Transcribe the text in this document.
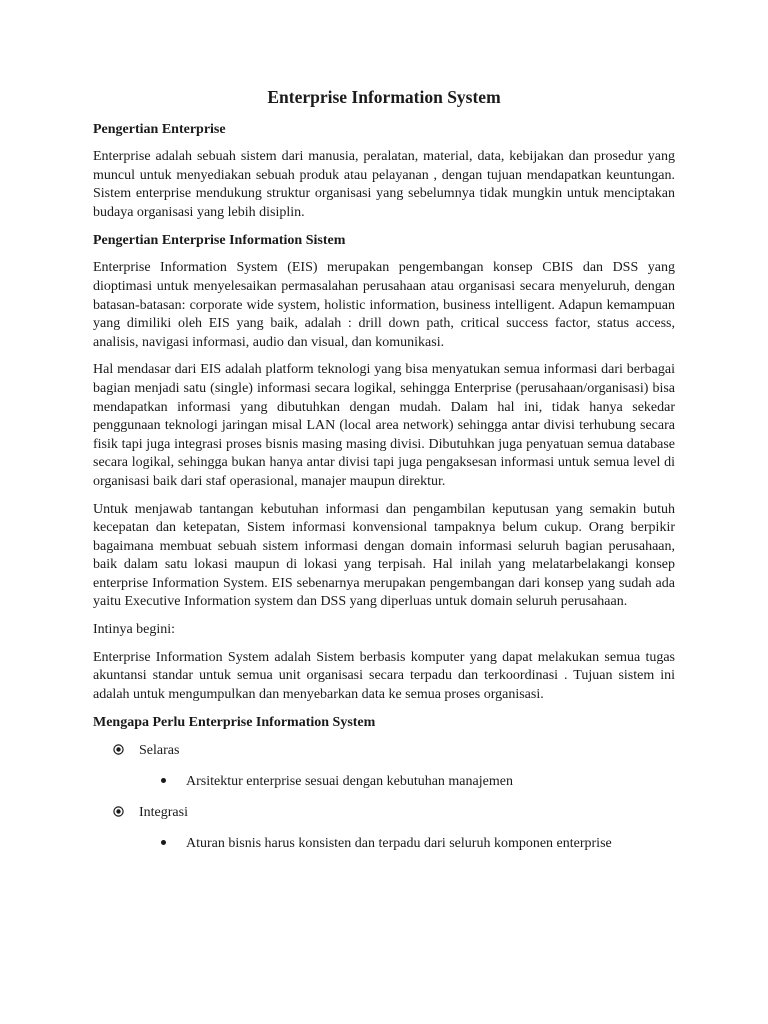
Enterprise Information System
Pengertian Enterprise

Enterprise adalah sebuah sistem dari manusia, peralatan, material, data, kebijakan dan prosedur yang muncul untuk menyediakan sebuah produk atau pelayanan , dengan tujuan mendapatkan keuntungan. Sistem enterprise mendukung struktur organisasi yang sebelumnya tidak mungkin untuk menciptakan budaya organisasi yang lebih disiplin.

Pengertian Enterprise Information Sistem

Enterprise Information System (EIS) merupakan pengembangan konsep CBIS dan DSS yang dioptimasi untuk menyelesaikan permasalahan perusahaan atau organisasi secara menyeluruh, dengan batasan-batasan: corporate wide system, holistic information, business intelligent. Adapun kemampuan yang dimiliki oleh EIS yang baik, adalah : drill down path, critical success factor, status access, analisis, navigasi informasi, audio dan visual, dan komunikasi.

Hal mendasar dari EIS adalah platform teknologi yang bisa menyatukan semua informasi dari berbagai bagian menjadi satu (single) informasi secara logikal, sehingga Enterprise (perusahaan/organisasi) bisa mendapatkan informasi yang dibutuhkan dengan mudah. Dalam hal ini, tidak hanya sekedar penggunaan teknologi jaringan misal LAN (local area network) sehingga antar divisi terhubung secara fisik tapi juga integrasi proses bisnis masing masing divisi. Dibutuhkan juga penyatuan semua database secara logikal, sehingga bukan hanya antar divisi tapi juga pengaksesan informasi untuk semua level di organisasi baik dari staf operasional, manajer maupun direktur.

Untuk menjawab tantangan kebutuhan informasi dan pengambilan keputusan yang semakin butuh kecepatan dan ketepatan, Sistem informasi konvensional tampaknya belum cukup. Orang berpikir bagaimana membuat sebuah sistem informasi dengan domain informasi seluruh bagian perusahaan, baik dalam satu lokasi maupun di lokasi yang terpisah. Hal inilah yang melatarbelakangi konsep enterprise Information System. EIS sebenarnya merupakan pengembangan dari konsep yang sudah ada yaitu Executive Information system dan DSS yang diperluas untuk domain seluruh perusahaan.

Intinya begini:

Enterprise Information System adalah Sistem berbasis komputer yang dapat melakukan semua tugas akuntansi standar untuk semua unit organisasi secara terpadu dan terkoordinasi . Tujuan sistem ini adalah untuk mengumpulkan dan menyebarkan data ke semua proses organisasi.

Mengapa Perlu Enterprise Information System
Selaras
Arsitektur enterprise sesuai dengan kebutuhan manajemen
Integrasi
Aturan bisnis harus konsisten dan terpadu dari seluruh komponen enterprise
